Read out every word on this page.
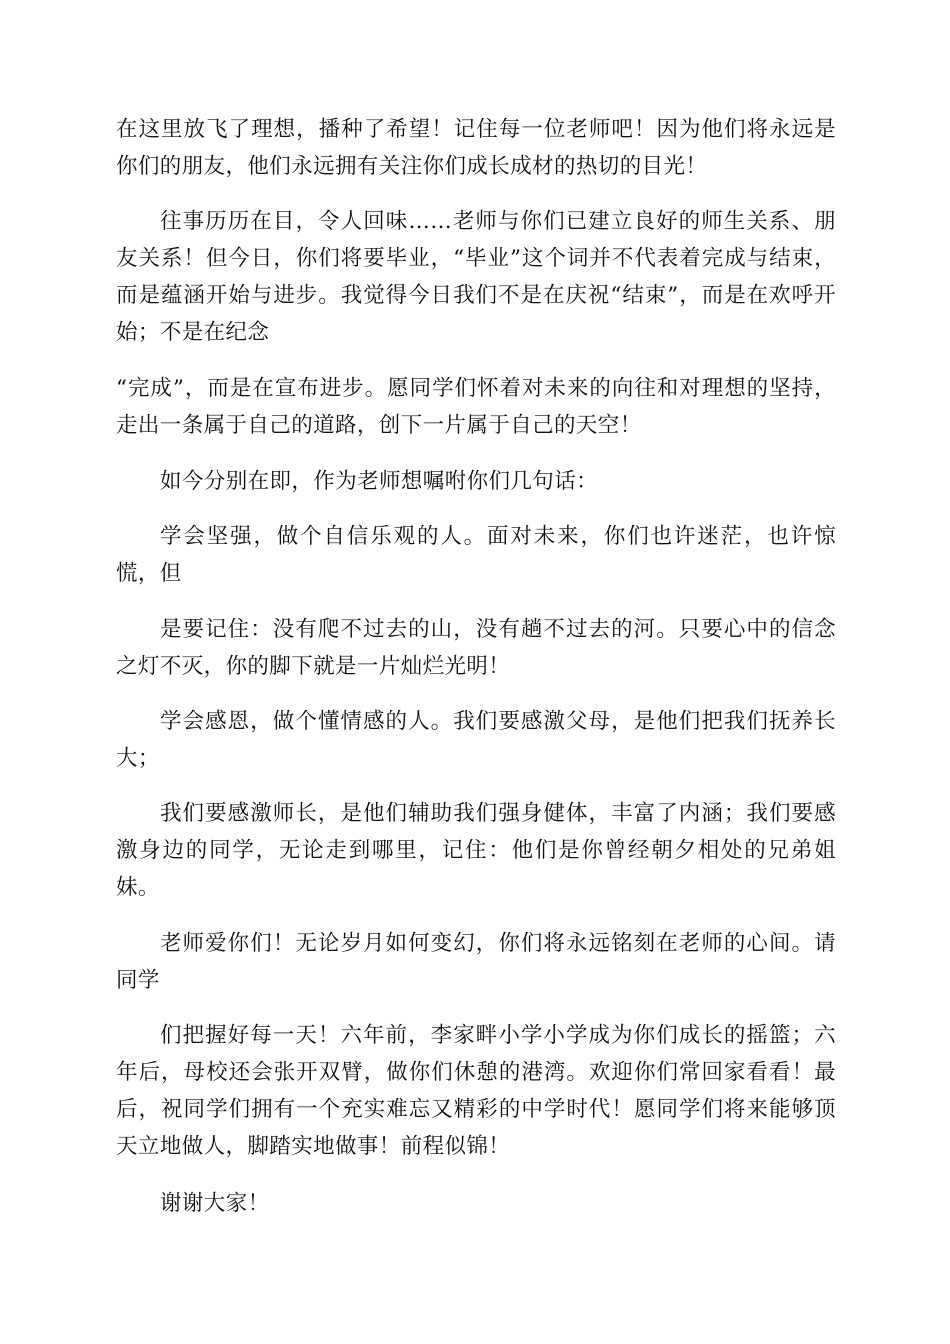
在这里放飞了理想，播种了希望！记住每一位老师吧！因为他们将永远是你们的朋友，他们永远拥有关注你们成长成材的热切的目光！

往事历历在目，令人回味……老师与你们已建立良好的师生关系、朋友关系！但今日，你们将要毕业，“毕业”这个词并不代表着完成与结束，而是蕴涵开始与进步。我觉得今日我们不是在庆祝“结束”，而是在欢呼开始；不是在纪念

“完成”，而是在宣布进步。愿同学们怀着对未来的向往和对理想的坚持，走出一条属于自己的道路，创下一片属于自己的天空！

如今分别在即，作为老师想嘱咐你们几句话：

学会坚强，做个自信乐观的人。面对未来，你们也许迷茫，也许惊慌，但

是要记住：没有爬不过去的山，没有趟不过去的河。只要心中的信念之灯不灭，你的脚下就是一片灿烂光明！

学会感恩，做个懂情感的人。我们要感激父母，是他们把我们抚养长大；

我们要感激师长，是他们辅助我们强身健体，丰富了内涵；我们要感激身边的同学，无论走到哪里，记住：他们是你曾经朝夕相处的兄弟姐妹。

老师爱你们！无论岁月如何变幻，你们将永远铭刻在老师的心间。请同学

们把握好每一天！六年前，李家畔小学小学成为你们成长的摇篮；六年后，母校还会张开双臂，做你们休憩的港湾。欢迎你们常回家看看！最后，祝同学们拥有一个充实难忘又精彩的中学时代！愿同学们将来能够顶天立地做人，脚踏实地做事！前程似锦！

谢谢大家！
